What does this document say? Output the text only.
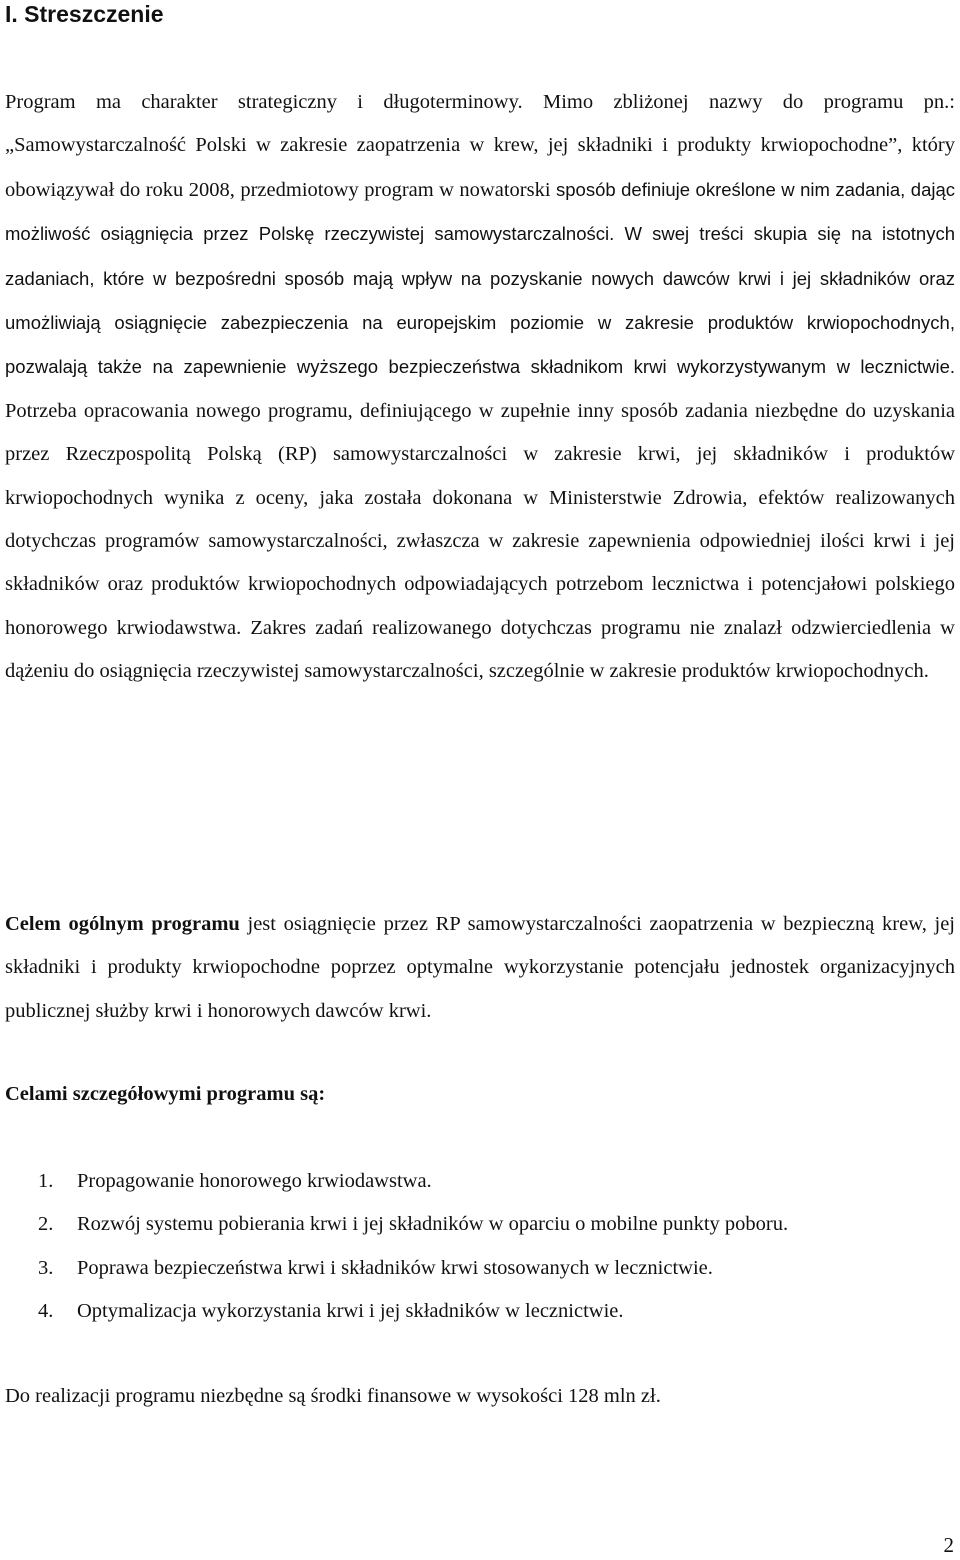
I. Streszczenie

Program ma charakter strategiczny i długoterminowy. Mimo zbliżonej nazwy do programu pn.: „Samowystarczalność Polski w zakresie zaopatrzenia w krew, jej składniki i produkty krwiopochodne”, który obowiązywał do roku 2008, przedmiotowy program w nowatorski sposób definiuje określone w nim zadania, dając możliwość osiągnięcia przez Polskę rzeczywistej samowystarczalności. W swej treści skupia się na istotnych zadaniach, które w bezpośredni sposób mają wpływ na pozyskanie nowych dawców krwi i jej składników oraz umożliwiają osiągnięcie zabezpieczenia na europejskim poziomie w zakresie produktów krwiopochodnych, pozwalają także na zapewnienie wyższego bezpieczeństwa składnikom krwi wykorzystywanym w lecznictwie. Potrzeba opracowania nowego programu, definiującego w zupełnie inny sposób zadania niezbędne do uzyskania przez Rzeczpospolitą Polską (RP) samowystarczalności w zakresie krwi, jej składników i produktów krwiopochodnych wynika z oceny, jaka została dokonana w Ministerstwie Zdrowia, efektów realizowanych dotychczas programów samowystarczalności, zwłaszcza w zakresie zapewnienia odpowiedniej ilości krwi i jej składników oraz produktów krwiopochodnych odpowiadających potrzebom lecznictwa i potencjałowi polskiego honorowego krwiodawstwa. Zakres zadań realizowanego dotychczas programu nie znalazł odzwierciedlenia w dążeniu do osiągnięcia rzeczywistej samowystarczalności, szczególnie w zakresie produktów krwiopochodnych.

Celem ogólnym programu jest osiągnięcie przez RP samowystarczalności zaopatrzenia w bezpieczną krew, jej składniki i produkty krwiopochodne poprzez optymalne wykorzystanie potencjału jednostek organizacyjnych publicznej służby krwi i honorowych dawców krwi.

Celami szczegółowymi programu są:
1. Propagowanie honorowego krwiodawstwa.
2. Rozwój systemu pobierania krwi i jej składników w oparciu o mobilne punkty poboru.
3. Poprawa bezpieczeństwa krwi i składników krwi stosowanych w lecznictwie.
4. Optymalizacja wykorzystania krwi i jej składników w lecznictwie.

Do realizacji programu niezbędne są środki finansowe w wysokości 128 mln zł.

2
